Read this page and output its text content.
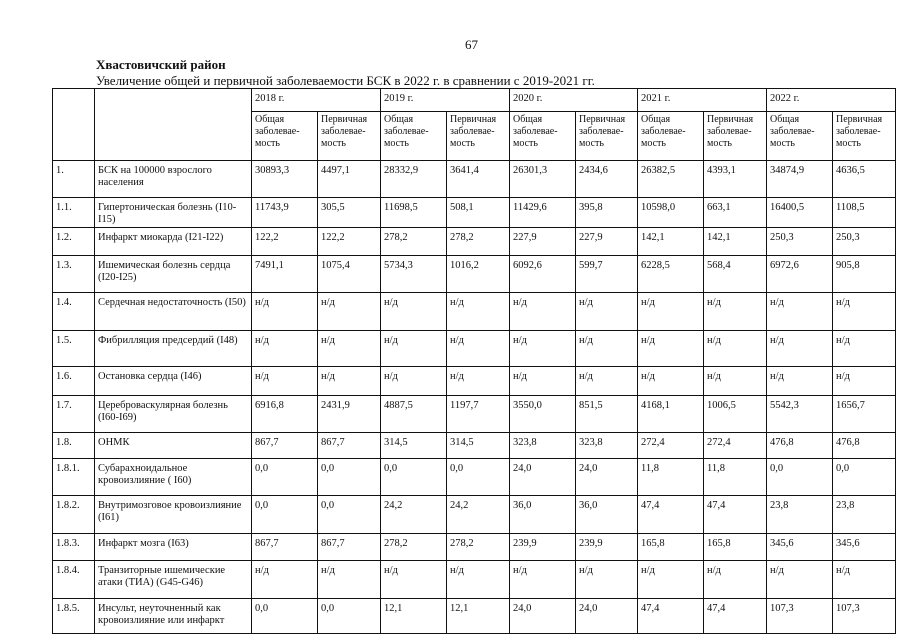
67
Хвастовичский район
Увеличение общей и первичной заболеваемости БСК в 2022 г. в сравнении с 2019-2021 гг.
		2018 г.		2019 г.		2020 г.		2021 г.		2022 г.	
		Общая заболевае-мость	Первичная заболевае-мость	Общая заболевае-мость	Первичная заболевае-мость	Общая заболевае-мость	Первичная заболевае-мость	Общая заболевае-мость	Первичная заболевае-мость	Общая заболевае-мость	Первичная заболевае-мость
1.	БСК на 100000 взрослого населения	30893,3	4497,1	28332,9	3641,4	26301,3	2434,6	26382,5	4393,1	34874,9	4636,5
1.1.	Гипертоническая болезнь (I10-I15)	11743,9	305,5	11698,5	508,1	11429,6	395,8	10598,0	663,1	16400,5	1108,5
1.2.	Инфаркт миокарда (I21-I22)	122,2	122,2	278,2	278,2	227,9	227,9	142,1	142,1	250,3	250,3
1.3.	Ишемическая болезнь сердца (I20-I25)	7491,1	1075,4	5734,3	1016,2	6092,6	599,7	6228,5	568,4	6972,6	905,8
1.4.	Сердечная недостаточность (I50)	н/д	н/д	н/д	н/д	н/д	н/д	н/д	н/д	н/д	н/д
1.5.	Фибрилляция предсердий (I48)	н/д	н/д	н/д	н/д	н/д	н/д	н/д	н/д	н/д	н/д
1.6.	Остановка сердца (I46)	н/д	н/д	н/д	н/д	н/д	н/д	н/д	н/д	н/д	н/д
1.7.	Цереброваскулярная болезнь (I60-I69)	6916,8	2431,9	4887,5	1197,7	3550,0	851,5	4168,1	1006,5	5542,3	1656,7
1.8.	ОНМК	867,7	867,7	314,5	314,5	323,8	323,8	272,4	272,4	476,8	476,8
1.8.1.	Субарахноидальное кровоизлияние ( I60)	0,0	0,0	0,0	0,0	24,0	24,0	11,8	11,8	0,0	0,0
1.8.2.	Внутримозговое кровоизлияние (I61)	0,0	0,0	24,2	24,2	36,0	36,0	47,4	47,4	23,8	23,8
1.8.3.	Инфаркт мозга (I63)	867,7	867,7	278,2	278,2	239,9	239,9	165,8	165,8	345,6	345,6
1.8.4.	Транзиторные ишемические атаки (ТИА) (G45-G46)	н/д	н/д	н/д	н/д	н/д	н/д	н/д	н/д	н/д	н/д
1.8.5.	Инсульт, неуточненный как кровоизлияние или инфаркт	0,0	0,0	12,1	12,1	24,0	24,0	47,4	47,4	107,3	107,3
